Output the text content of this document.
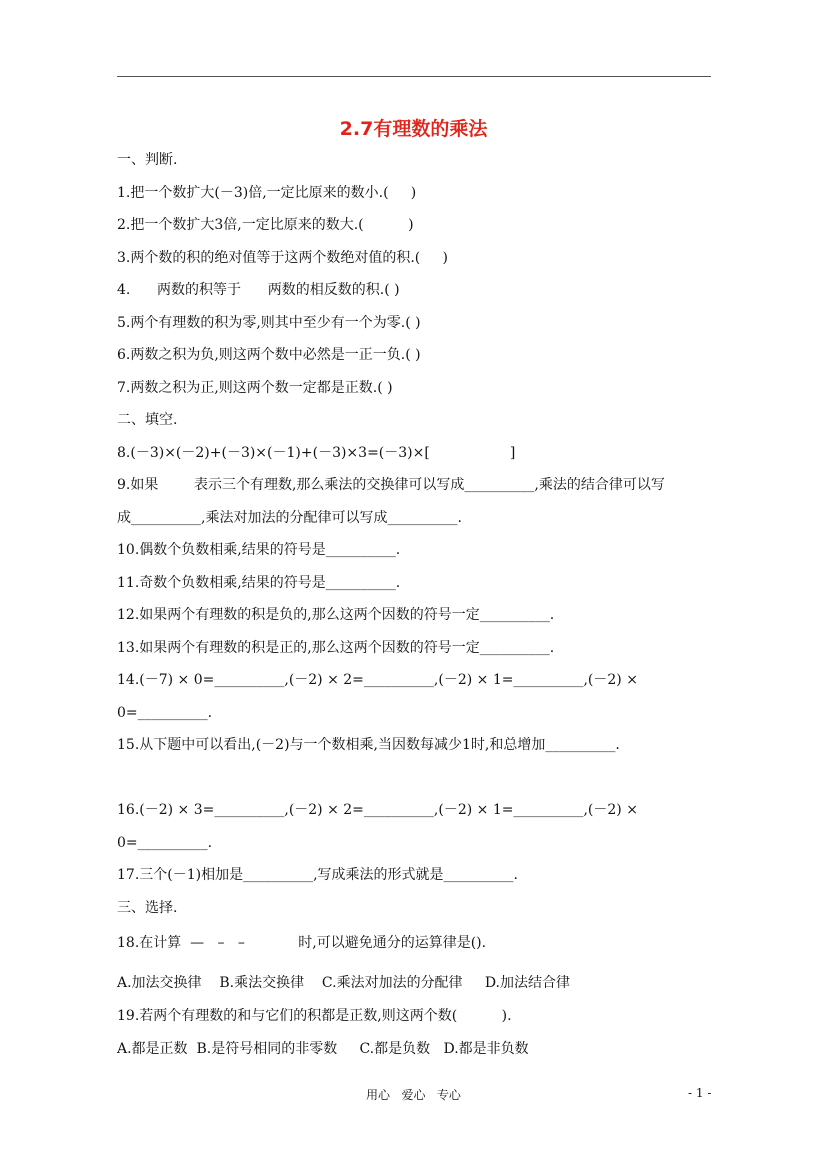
2.7有理数的乘法
一、判断.
1.把一个数扩大(－3)倍,一定比原来的数小.(     )
2.把一个数扩大3倍,一定比原来的数大.(          )
3.两个数的积的绝对值等于这两个数绝对值的积.(     )
4.      两数的积等于      两数的相反数的积.( )
5.两个有理数的积为零,则其中至少有一个为零.( )
6.两数之积为负,则这两个数中必然是一正一负.( )
7.两数之积为正,则这两个数一定都是正数.( )
二、填空.
8.(－3)×(－2)+(－3)×(－1)+(－3)×3=(－3)×[                  ]
9.如果        表示三个有理数,那么乘法的交换律可以写成__________,乘法的结合律可以写
成__________,乘法对加法的分配律可以写成__________.
10.偶数个负数相乘,结果的符号是__________.
11.奇数个负数相乘,结果的符号是__________.
12.如果两个有理数的积是负的,那么这两个因数的符号一定__________.
13.如果两个有理数的积是正的,那么这两个因数的符号一定__________.
14.(－7) × 0=__________,(－2) × 2=__________,(－2) × 1=__________,(－2) ×
0=__________.
15.从下题中可以看出,(－2)与一个数相乘,当因数每减少1时,和总增加__________.
16.(－2) × 3=__________,(－2) × 2=__________,(－2) × 1=__________,(－2) ×
0=__________.
17.三个(－1)相加是__________,写成乘法的形式就是__________.
三、选择.
18.在计算  —   –   –            时,可以避免通分的运算律是().
A.加法交换律    B.乘法交换律    C.乘法对加法的分配律     D.加法结合律
19.若两个有理数的和与它们的积都是正数,则这两个数(          ).
A.都是正数  B.是符号相同的非零数     C.都是负数   D.都是非负数
用心   爱心   专心	- 1 -
